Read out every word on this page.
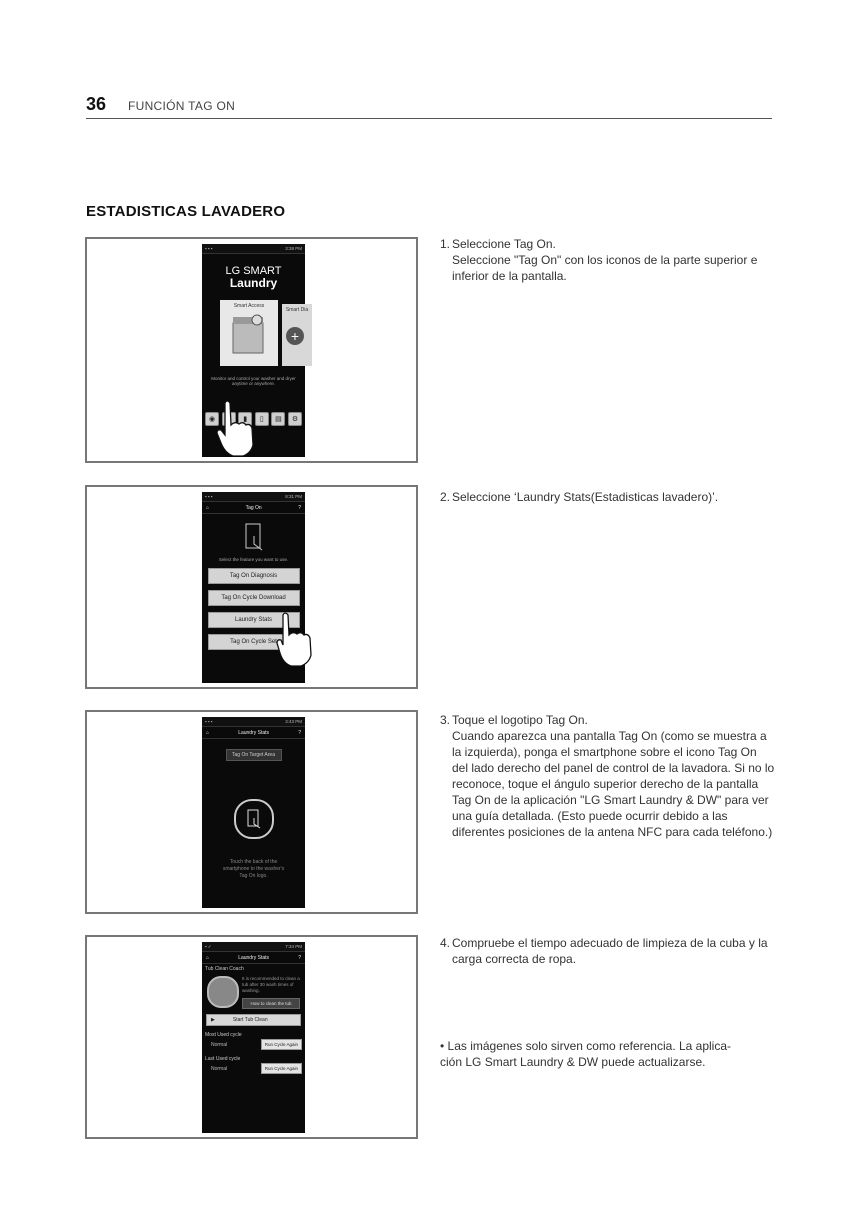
36 FUNCIÓN TAG ON
ESTADISTICAS LAVADERO
▪ ▪ ▪	3:38 PM
LG SMART
Laundry
Smart Access
Smart Dia
+
Monitor and control your washer and dryer anytime or anywhere.
◉	▮	▯	▤	⚙
1. Seleccione Tag On.
Seleccione "Tag On" con los iconos de la parte superior e inferior de la pantalla.
▪ ▪ ▪	8:31 PM
⌂	Tag On	?
Select the feature you want to use.
Tag On Diagnosis
Tag On Cycle Download
Laundry Stats
Tag On Cycle Set
2. Seleccione ‘Laundry Stats(Estadisticas lavadero)’.
▪ ▪ ▪	3:43 PM
⌂	Laundry Stats	?
Tag On Target Area
Touch the back of the smartphone to the washer's Tag On logo.
3. Toque el logotipo Tag On.
Cuando aparezca una pantalla Tag On (como se muestra a la izquierda), ponga el smartphone sobre el icono Tag On del lado derecho del panel de control de la lavadora. Si no lo reconoce, toque el ángulo superior derecho de la pantalla Tag On de la aplicación "LG Smart Laundry & DW" para ver una guía detallada. (Esto puede ocurrir debido a las diferentes posiciones de la antena NFC para cada teléfono.)
▪ ✓	7:34 PM
⌂	Laundry Stats	?
Tub Clean Coach
It is recommended to clean a tub after 30 wash times of washing.
How to clean the tub
▶	Start Tub Clean
Most Used cycle
Normal	Run Cycle Again
Last Used cycle
Normal	Run Cycle Again
4. Compruebe el tiempo adecuado de limpieza de la cuba y la carga correcta de ropa.
• Las imágenes solo sirven como referencia. La aplica-
ción LG Smart Laundry & DW puede actualizarse.
